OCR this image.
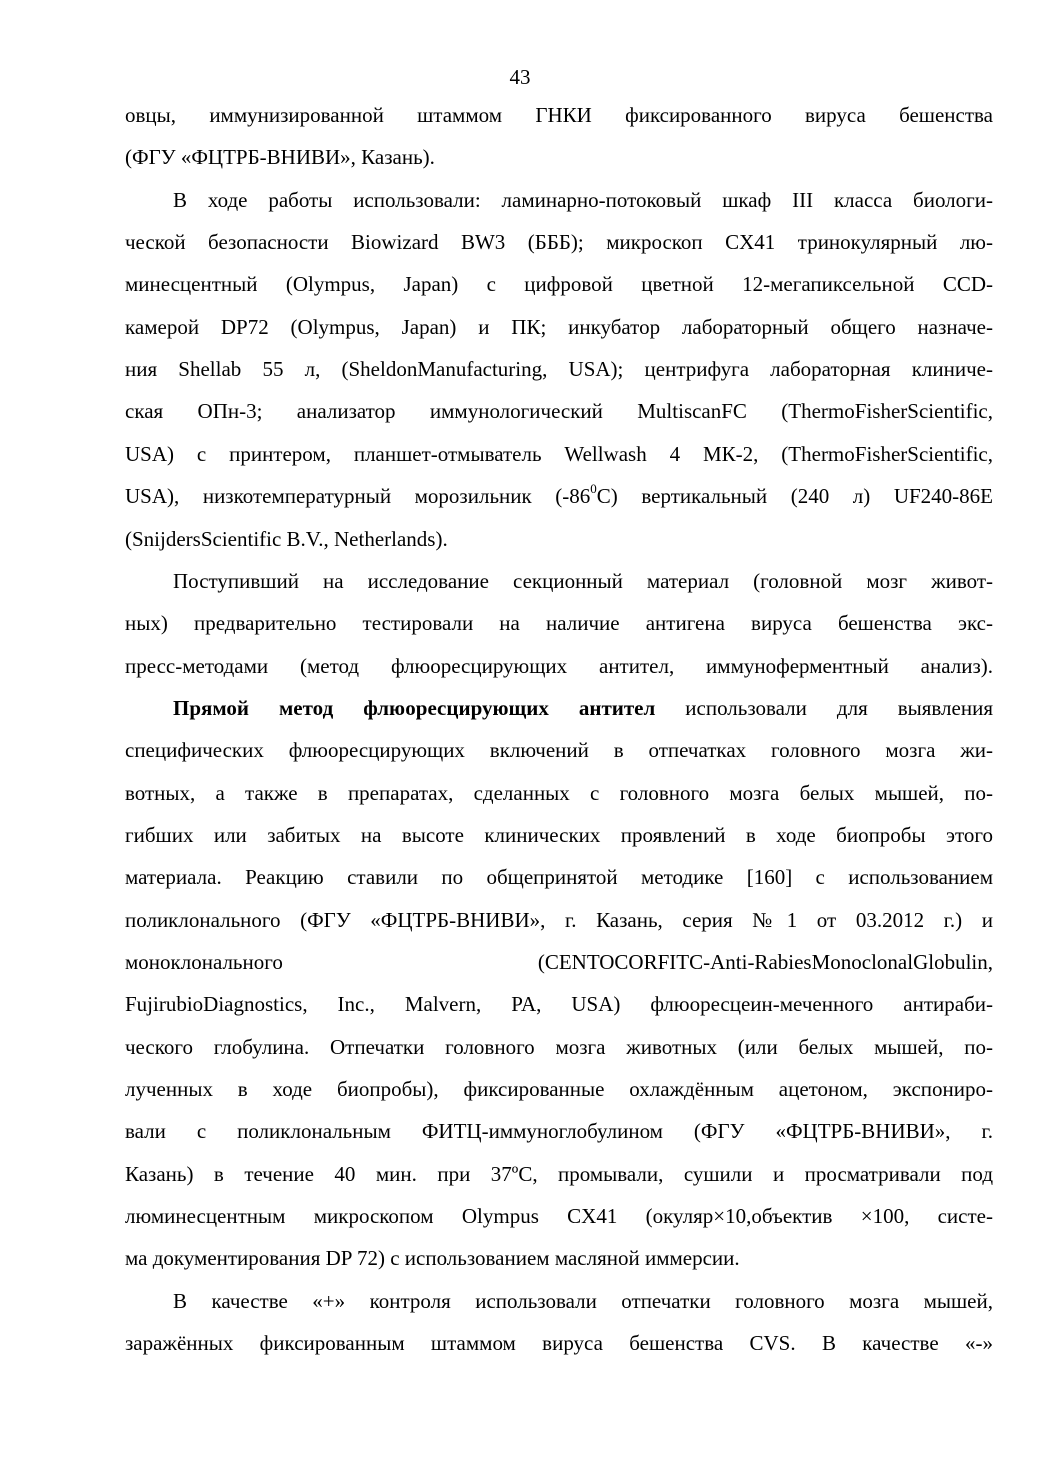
43
овцы, иммунизированной штаммом ГНКИ фиксированного вируса бешенства
(ФГУ «ФЦТРБ-ВНИВИ», Казань).
В ходе работы использовали: ламинарно-потоковый шкаф III класса биологи-
ческой безопасности Biowizard BW3 (БББ); микроскоп CX41 тринокулярный лю-
минесцентный (Olympus, Japan) с цифровой цветной 12-мегапиксельной CCD-
камерой DP72 (Olympus, Japan) и ПК; инкубатор лабораторный общего назначе-
ния Shellab 55 л, (SheldonManufacturing, USA); центрифуга лабораторная клиниче-
ская ОПн-3; анализатор иммунологический MultiscanFC (ThermoFisherScientific,
USA) с принтером, планшет-отмыватель Wellwash 4 МК-2, (ThermoFisherScientific,
USA), низкотемпературный морозильник $(-86^0С)$ вертикальный (240 л) UF240-86E
(SnijdersScientific B.V., Netherlands).
Поступивший на исследование секционный материал (головной мозг живот-
ных) предварительно тестировали на наличие антигена вируса бешенства экс-
пресс-методами (метод флюоресцирующих антител, иммуноферментный анализ).
Прямой метод флюоресцирующих антител использовали для выявления
специфических флюоресцирующих включений в отпечатках головного мозга жи-
вотных, а также в препаратах, сделанных с головного мозга белых мышей, по-
гибших или забитых на высоте клинических проявлений в ходе биопробы этого
материала. Реакцию ставили по общепринятой методике [160] с использованием
поликлонального (ФГУ «ФЦТРБ-ВНИВИ», г. Казань, серия №1 от 03.2012 г.) и
моноклонального (CENTOCORFITC-Anti-RabiesMonoclonalGlobulin,
FujirubioDiagnostics, Inc., Malvern, PA, USA) флюоресцеин-меченного антираби-
ческого глобулина. Отпечатки головного мозга животных (или белых мышей, по-
лученных в ходе биопробы), фиксированные охлаждённым ацетоном, экспониро-
вали с поликлональным ФИТЦ-иммуноглобулином (ФГУ «ФЦТРБ-ВНИВИ», г.
Казань) в течение 40 мин. при 37ºС, промывали, сушили и просматривали под
люминесцентным микроскопом Olympus CX41 (окуляр×10,объектив ×100, систе-
ма документирования DP 72) с использованием масляной иммерсии.
В качестве «+» контроля использовали отпечатки головного мозга мышей,
заражённых фиксированным штаммом вируса бешенства CVS. В качестве «-»
